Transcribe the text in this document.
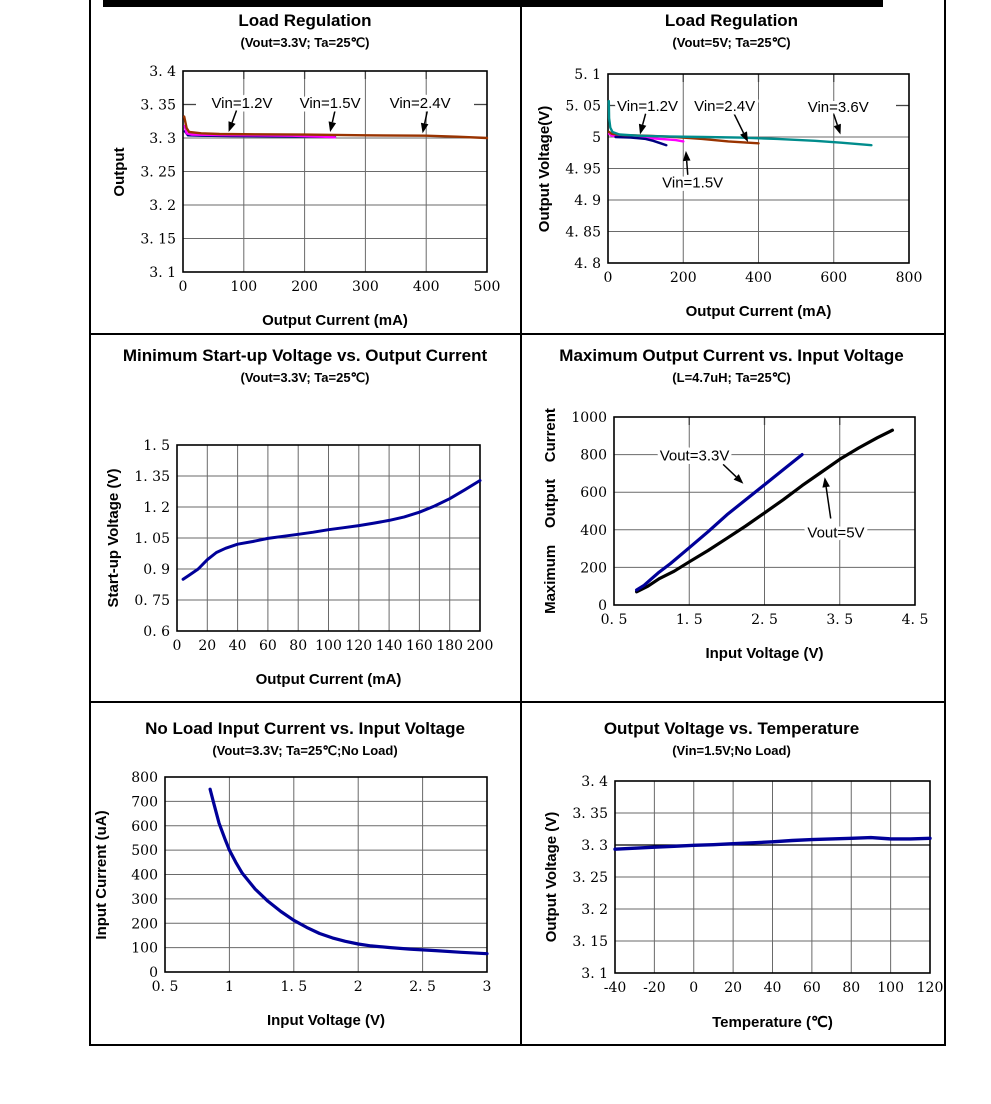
Load Regulation
(Vout=3.3V; Ta=25℃)
Output
Output Current (mA)
0	100 200 300 400 500
3. 1
3. 15
3. 2
3. 25
3. 3
3. 35
3. 4
Vin=1.2V Vin=1.5V Vin=2.4V
Load Regulation
(Vout=5V; Ta=25℃)
Output Voltage(V)
Output Current (mA)
0	200	400	600	800
4. 8
4. 85
4. 9
4. 95
5
5. 05
5. 1
Vin=1.2V Vin=2.4V	Vin=3.6V
Vin=1.5V
Minimum Start-up Voltage vs. Output Current
(Vout=3.3V; Ta=25℃)
Start-up Voltage (V)
Output Current (mA)
0 20 40 60 80 100 120 140 160 180 200
0. 6
0. 75
0. 9
1. 05
1. 2
1. 35
1. 5
Maximum Output Current vs. Input Voltage
(L=4.7uH; Ta=25℃)
Maximum    Output    Current
Input Voltage (V)
0. 5	1. 5	2. 5	3. 5	4. 5
0
200
400
600
800
1000
Vout=3.3V
Vout=5V
No Load Input Current vs. Input Voltage
(Vout=3.3V; Ta=25℃;No Load)
Input Current (uA)
Input Voltage (V)
0. 5	1	1. 5	2	2. 5	3
0
100
200
300
400
500
600
700
800
Output Voltage vs. Temperature
(Vin=1.5V;No Load)
Output Voltage (V)
Temperature (℃)
-40 -20 0 20 40 60 80 100 120
3. 1
3. 15
3. 2
3. 25
3. 3
3. 35
3. 4
